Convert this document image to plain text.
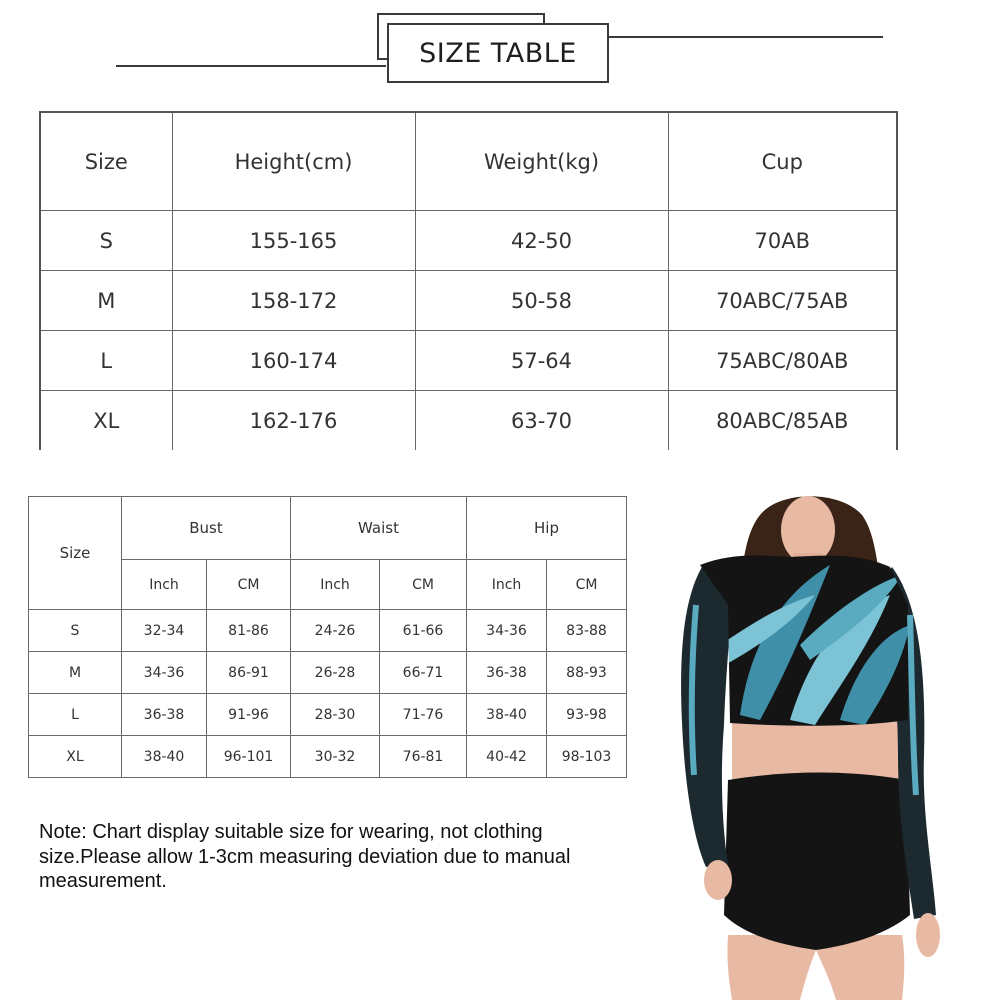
SIZE TABLE
Size	Height(cm)	Weight(kg)	Cup
S	155-165	42-50	70AB
M	158-172	50-58	70ABC/75AB
L	160-174	57-64	75ABC/80AB
XL	162-176	63-70	80ABC/85AB
Size	Bust		Waist		Hip	
	Inch	CM	Inch	CM	Inch	CM
S	32-34	81-86	24-26	61-66	34-36	83-88
M	34-36	86-91	26-28	66-71	36-38	88-93
L	36-38	91-96	28-30	71-76	38-40	93-98
XL	38-40	96-101	30-32	76-81	40-42	98-103
Note: Chart display suitable size for wearing, not clothing size.Please allow 1-3cm measuring deviation due to manual measurement.
